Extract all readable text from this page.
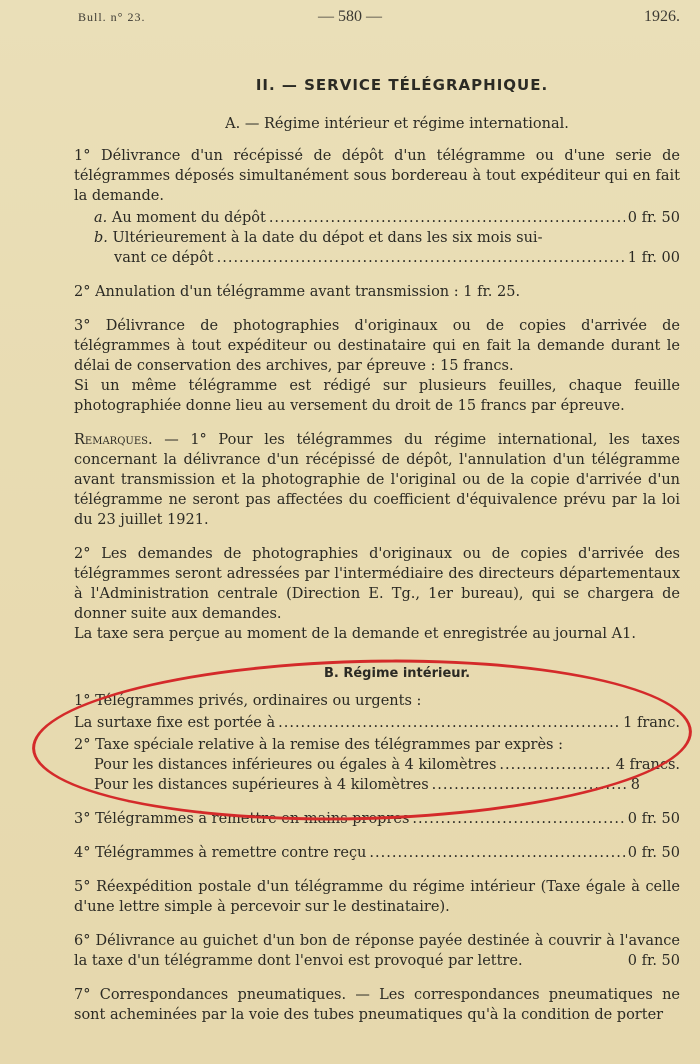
Bull. n° 23.	1926.
— 580 —
II. — SERVICE TÉLÉGRAPHIQUE.
A. — Régime intérieur et régime international.

1° Délivrance d'un récépissé de dépôt d'un télégramme ou d'une serie de télégrammes déposés simultanément sous bordereau à tout expéditeur qui en fait la demande.

a. Au moment du dépôt .....	0 fr. 50
b. Ultérieurement à la date du dépot et dans les six mois sui-
vant ce dépôt .....	1 fr. 00

2° Annulation d'un télégramme avant transmission : 1 fr. 25.

3° Délivrance de photographies d'originaux ou de copies d'arrivée de télégrammes à tout expéditeur ou destinataire qui en fait la demande durant le délai de conservation des archives, par épreuve : 15 francs.

Si un même télégramme est rédigé sur plusieurs feuilles, chaque feuille photographiée donne lieu au versement du droit de 15 francs par épreuve.

Remarques. — 1° Pour les télégrammes du régime international, les taxes concernant la délivrance d'un récépissé de dépôt, l'annulation d'un télégramme avant transmission et la photographie de l'original ou de la copie d'arrivée d'un télégramme ne seront pas affectées du coefficient d'équivalence prévu par la loi du 23 juillet 1921.

2° Les demandes de photographies d'originaux ou de copies d'arrivée des télégrammes seront adressées par l'intermédiaire des directeurs départementaux à l'Administration centrale (Direction E. Tg., 1er bureau), qui se chargera de donner suite aux demandes.

La taxe sera perçue au moment de la demande et enregistrée au journal A1.

B. Régime intérieur.

1° Télégrammes privés, ordinaires ou urgents :

La surtaxe fixe est portée à .....	1 franc.

2° Taxe spéciale relative à la remise des télégrammes par exprès :

Pour les distances inférieures ou égales à 4 kilomètres .....	4 francs.
Pour les distances supérieures à 4 kilomètres .....	8
3° Télégrammes à remettre en mains propres .....	0 fr. 50
4° Télégrammes à remettre contre reçu .....	0 fr. 50

5° Réexpédition postale d'un télégramme du régime intérieur (Taxe égale à celle d'une lettre simple à percevoir sur le destinataire).

6° Délivrance au guichet d'un bon de réponse payée destinée à couvrir à l'avance la taxe d'un télégramme dont l'envoi est provoqué par lettre.	0 fr. 50

7° Correspondances pneumatiques. — Les correspondances pneumatiques ne sont acheminées par la voie des tubes pneumatiques qu'à la condition de porter
